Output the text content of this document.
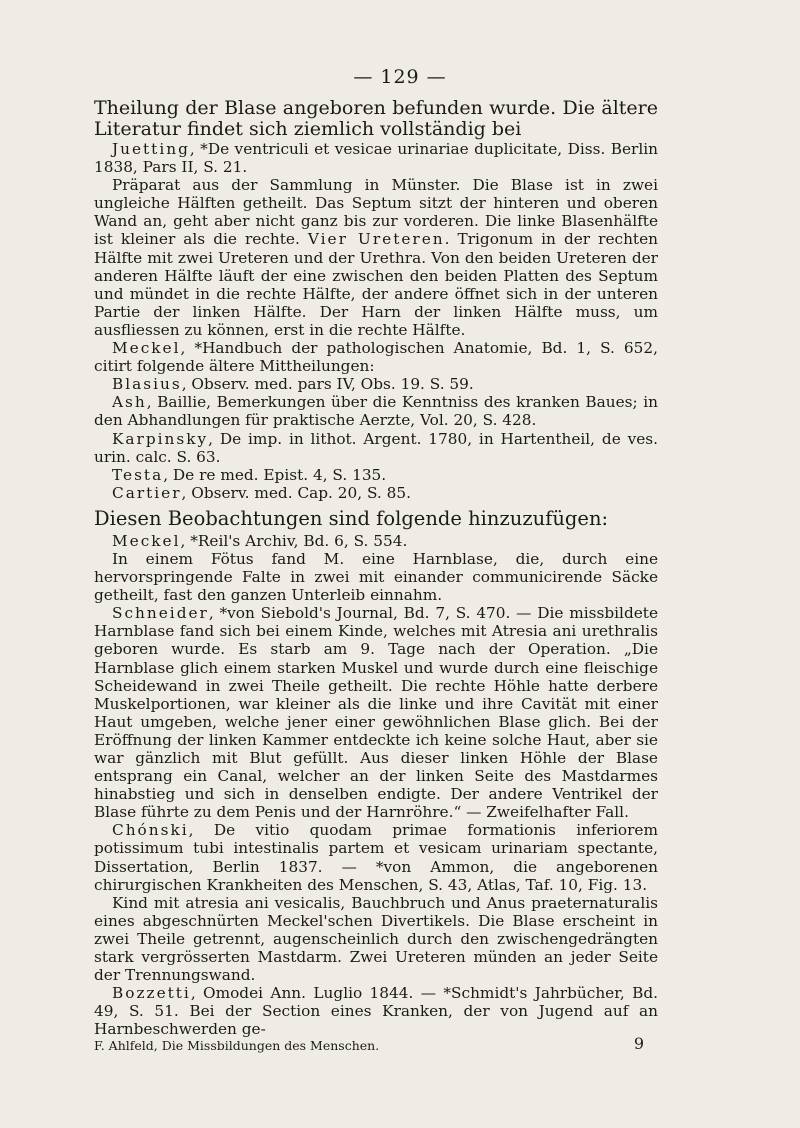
— 129 —

Theilung der Blase angeboren befunden wurde. Die ältere Literatur findet sich ziemlich vollständig bei

Juetting, *De ventriculi et vesicae urinariae duplicitate, Diss. Berlin 1838, Pars II, S. 21.

Präparat aus der Sammlung in Münster. Die Blase ist in zwei ungleiche Hälften getheilt. Das Septum sitzt der hinteren und oberen Wand an, geht aber nicht ganz bis zur vorderen. Die linke Blasenhälfte ist kleiner als die rechte. Vier Ureteren. Trigonum in der rechten Hälfte mit zwei Ureteren und der Urethra. Von den beiden Ureteren der anderen Hälfte läuft der eine zwischen den beiden Platten des Septum und mündet in die rechte Hälfte, der andere öffnet sich in der unteren Partie der linken Hälfte. Der Harn der linken Hälfte muss, um ausfliessen zu können, erst in die rechte Hälfte.

Meckel, *Handbuch der pathologischen Anatomie, Bd. 1, S. 652, citirt folgende ältere Mittheilungen:

Blasius, Observ. med. pars IV, Obs. 19. S. 59.

Ash, Baillie, Bemerkungen über die Kenntniss des kranken Baues; in den Abhandlungen für praktische Aerzte, Vol. 20, S. 428.

Karpinsky, De imp. in lithot. Argent. 1780, in Hartentheil, de ves. urin. calc. S. 63.

Testa, De re med. Epist. 4, S. 135.

Cartier, Observ. med. Cap. 20, S. 85.

Diesen Beobachtungen sind folgende hinzuzufügen:

Meckel, *Reil's Archiv, Bd. 6, S. 554.

In einem Fötus fand M. eine Harnblase, die, durch eine hervorspringende Falte in zwei mit einander communicirende Säcke getheilt, fast den ganzen Unterleib einnahm.

Schneider, *von Siebold's Journal, Bd. 7, S. 470. — Die missbildete Harnblase fand sich bei einem Kinde, welches mit Atresia ani urethralis geboren wurde. Es starb am 9. Tage nach der Operation. „Die Harnblase glich einem starken Muskel und wurde durch eine fleischige Scheidewand in zwei Theile getheilt. Die rechte Höhle hatte derbere Muskelportionen, war kleiner als die linke und ihre Cavität mit einer Haut umgeben, welche jener einer gewöhnlichen Blase glich. Bei der Eröffnung der linken Kammer entdeckte ich keine solche Haut, aber sie war gänzlich mit Blut gefüllt. Aus dieser linken Höhle der Blase entsprang ein Canal, welcher an der linken Seite des Mastdarmes hinabstieg und sich in denselben endigte. Der andere Ventrikel der Blase führte zu dem Penis und der Harnröhre.“ — Zweifelhafter Fall.

Chónski, De vitio quodam primae formationis inferiorem potissimum tubi intestinalis partem et vesicam urinariam spectante, Dissertation, Berlin 1837. — *von Ammon, die angeborenen chirurgischen Krankheiten des Menschen, S. 43, Atlas, Taf. 10, Fig. 13.

Kind mit atresia ani vesicalis, Bauchbruch und Anus praeternaturalis eines abgeschnürten Meckel'schen Divertikels. Die Blase erscheint in zwei Theile getrennt, augenscheinlich durch den zwischengedrängten stark vergrösserten Mastdarm. Zwei Ureteren münden an jeder Seite der Trennungswand.

Bozzetti, Omodei Ann. Luglio 1844. — *Schmidt's Jahrbücher, Bd. 49, S. 51. Bei der Section eines Kranken, der von Jugend auf an Harnbeschwerden ge-

F. Ahlfeld, Die Missbildungen des Menschen.	9
